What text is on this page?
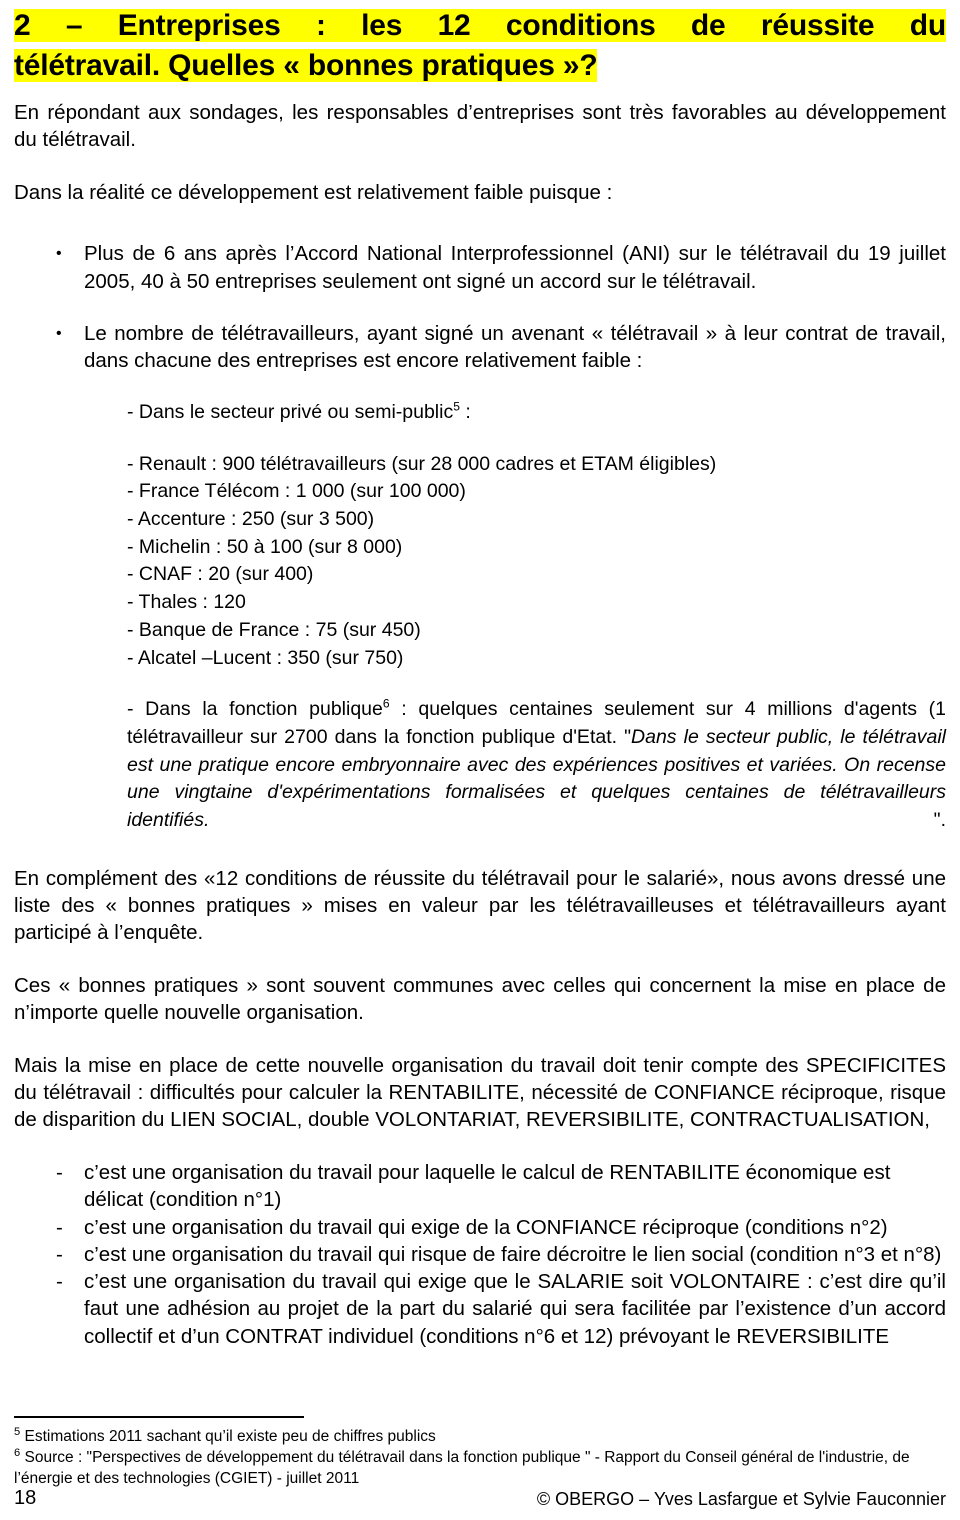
2 – Entreprises : les 12 conditions de réussite du
télétravail. Quelles « bonnes pratiques »?

En répondant aux sondages, les responsables d’entreprises sont très favorables au développement du télétravail.

Dans la réalité ce développement est relativement faible puisque :

• Plus de 6 ans après l’Accord National Interprofessionnel (ANI) sur le télétravail du 19 juillet 2005, 40 à 50 entreprises seulement ont signé un accord sur le télétravail.
• Le nombre de télétravailleurs, ayant signé un avenant « télétravail » à leur contrat de travail, dans chacune des entreprises est encore relativement faible :
- Dans le secteur privé ou semi-public$^5$ :
- Renault : 900 télétravailleurs (sur 28 000 cadres et ETAM éligibles)
- France Télécom : 1 000 (sur 100 000)
- Accenture : 250 (sur 3 500)
- Michelin : 50 à 100 (sur 8 000)
- CNAF : 20 (sur 400)
- Thales : 120
- Banque de France : 75 (sur 450)
- Alcatel –Lucent : 350 (sur 750)
- Dans la fonction publique$^6$ : quelques centaines seulement sur 4 millions d'agents (1 télétravailleur sur 2700 dans la fonction publique d'Etat. "Dans le secteur public, le télétravail est une pratique encore embryonnaire avec des expériences positives et variées. On recense une vingtaine d'expérimentations formalisées et quelques centaines de télétravailleurs identifiés.	".

En complément des «12 conditions de réussite du télétravail pour le salarié», nous avons dressé une liste des « bonnes pratiques » mises en valeur par les télétravailleuses et télétravailleurs ayant participé à l’enquête.

Ces « bonnes pratiques » sont souvent communes avec celles qui concernent la mise en place de n’importe quelle nouvelle organisation.

Mais la mise en place de cette nouvelle organisation du travail doit tenir compte des SPECIFICITES du télétravail : difficultés pour calculer la RENTABILITE, nécessité de CONFIANCE réciproque, risque de disparition du LIEN SOCIAL, double VOLONTARIAT, REVERSIBILITE, CONTRACTUALISATION,

- c’est une organisation du travail pour laquelle le calcul de RENTABILITE économique est délicat (condition n°1)
- c’est une organisation du travail qui exige de la CONFIANCE réciproque (conditions n°2)
- c’est une organisation du travail qui risque de faire décroitre le lien social (condition n°3 et n°8)
- c’est une organisation du travail qui exige que le SALARIE soit VOLONTAIRE : c’est dire qu’il faut une adhésion au projet de la part du salarié qui sera facilitée par l’existence d’un accord collectif et d’un CONTRAT individuel (conditions n°6 et 12) prévoyant le REVERSIBILITE

$^5$ Estimations 2011 sachant qu’il existe peu de chiffres publics

$^6$ Source : "Perspectives de développement du télétravail dans la fonction publique " - Rapport du Conseil général de l'industrie, de l’énergie et des technologies (CGIET) - juillet 2011

18	© OBERGO – Yves Lasfargue et Sylvie Fauconnier
